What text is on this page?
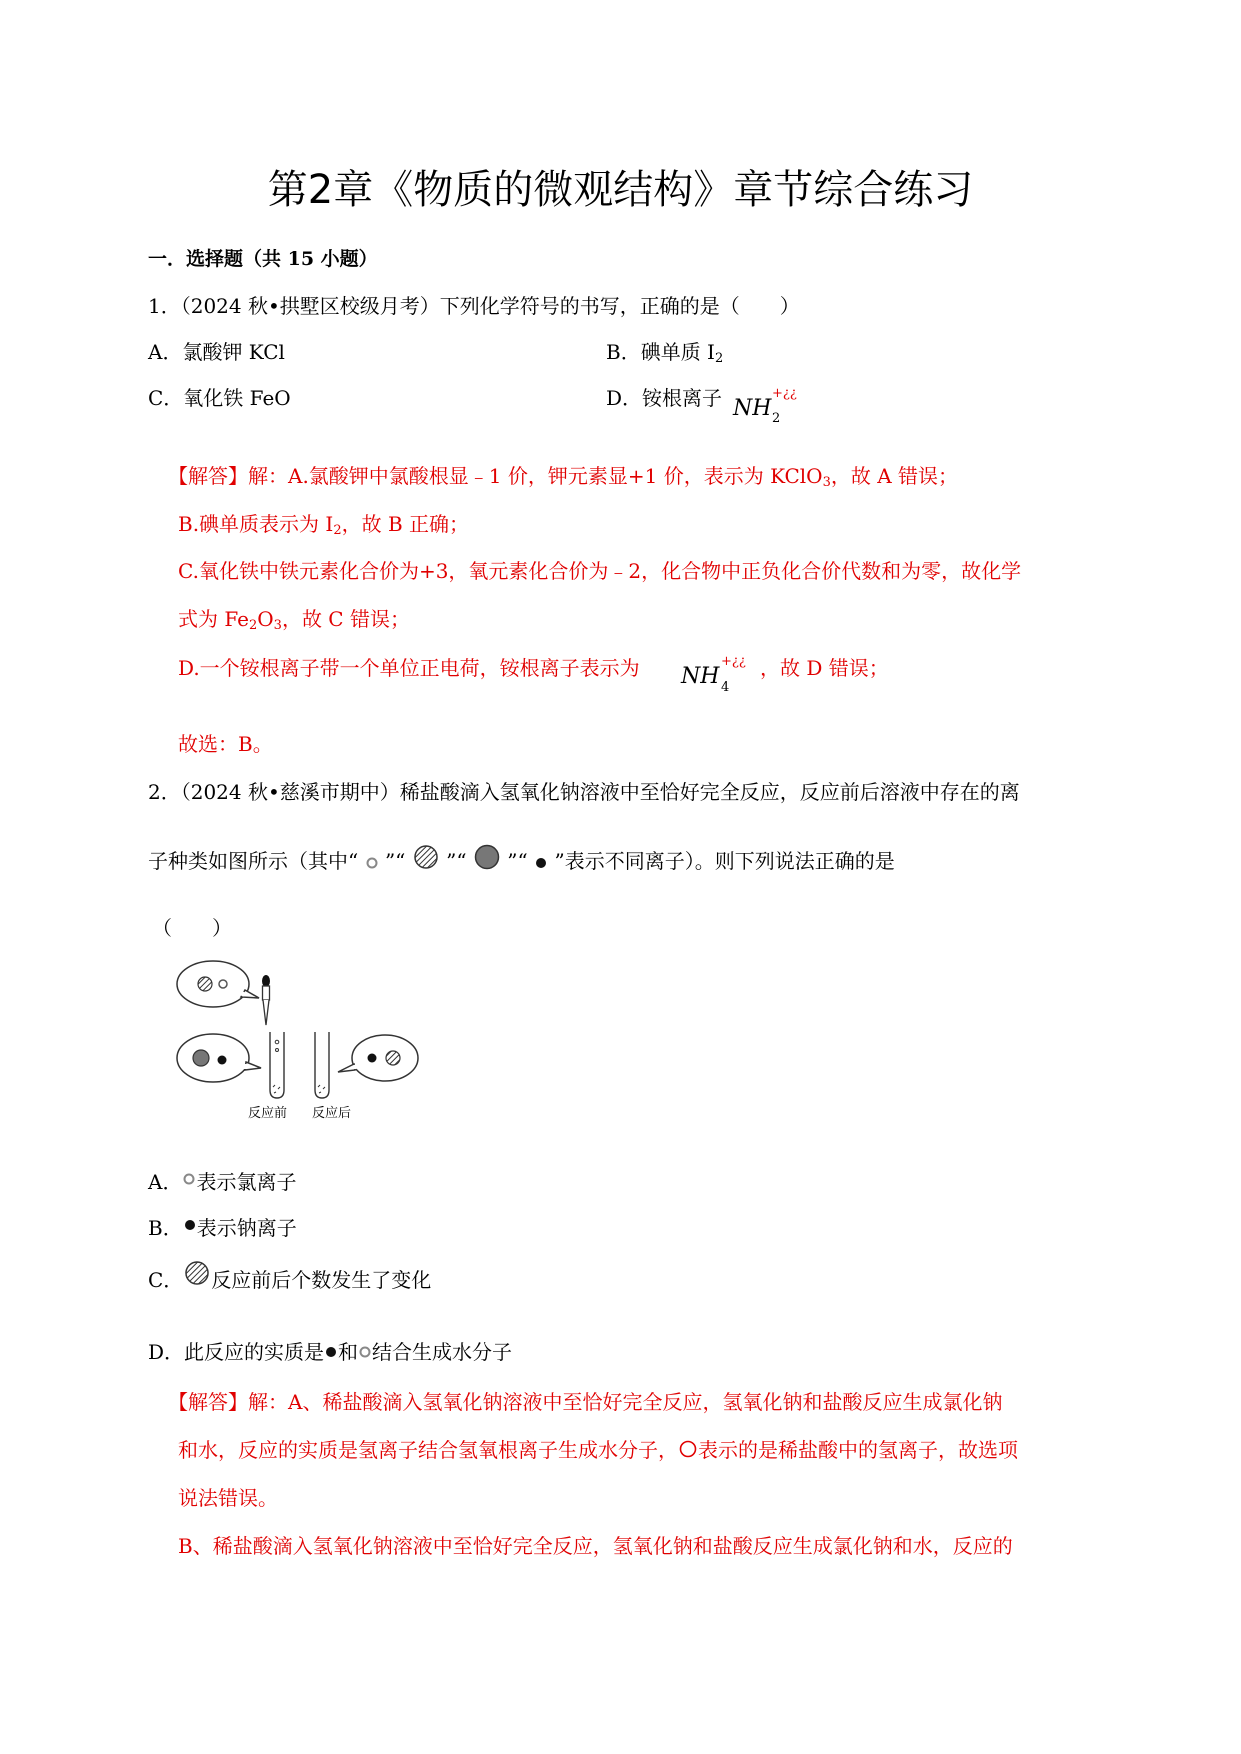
第2章《物质的微观结构》章节综合练习
一．选择题（共 15 小题）
1．（2024 秋•拱墅区校级月考）下列化学符号的书写，正确的是（　　）
A．氯酸钾 KCl	B．碘单质 $I_2$
C．氧化铁 FeO	D．铵根离子 NH 2
+¿¿
【解答】解：A.氯酸钾中氯酸根显﹣1 价，钾元素显+1 价，表示为 KClO$_3$，故 A 错误；
B.碘单质表示为 $I_2$，故 B 正确；
C.氧化铁中铁元素化合价为+3，氧元素化合价为﹣2，化合物中正负化合价代数和为零，故化学
式为 $Fe_2O_3$，故 C 错误；
D.一个铵根离子带一个单位正电荷，铵根离子表示为 NH 4
+¿¿ ，故 D 错误；
故选：B。
2．（2024 秋•慈溪市期中）稀盐酸滴入氢氧化钠溶液中至恰好完全反应，反应前后溶液中存在的离
子种类如图所示（其中“ ”“ ”“ ”“ ”表示不同离子）。则下列说法正确的是
（　　）
反应前 反应后
A． 表示氯离子
B． 表示钠离子
C． 反应前后个数发生了变化
D．此反应的实质是 和 结合生成水分子
【解答】解：A、稀盐酸滴入氢氧化钠溶液中至恰好完全反应，氢氧化钠和盐酸反应生成氯化钠
和水，反应的实质是氢离子结合氢氧根离子生成水分子， 表示的是稀盐酸中的氢离子，故选项
说法错误。
B、稀盐酸滴入氢氧化钠溶液中至恰好完全反应，氢氧化钠和盐酸反应生成氯化钠和水，反应的
